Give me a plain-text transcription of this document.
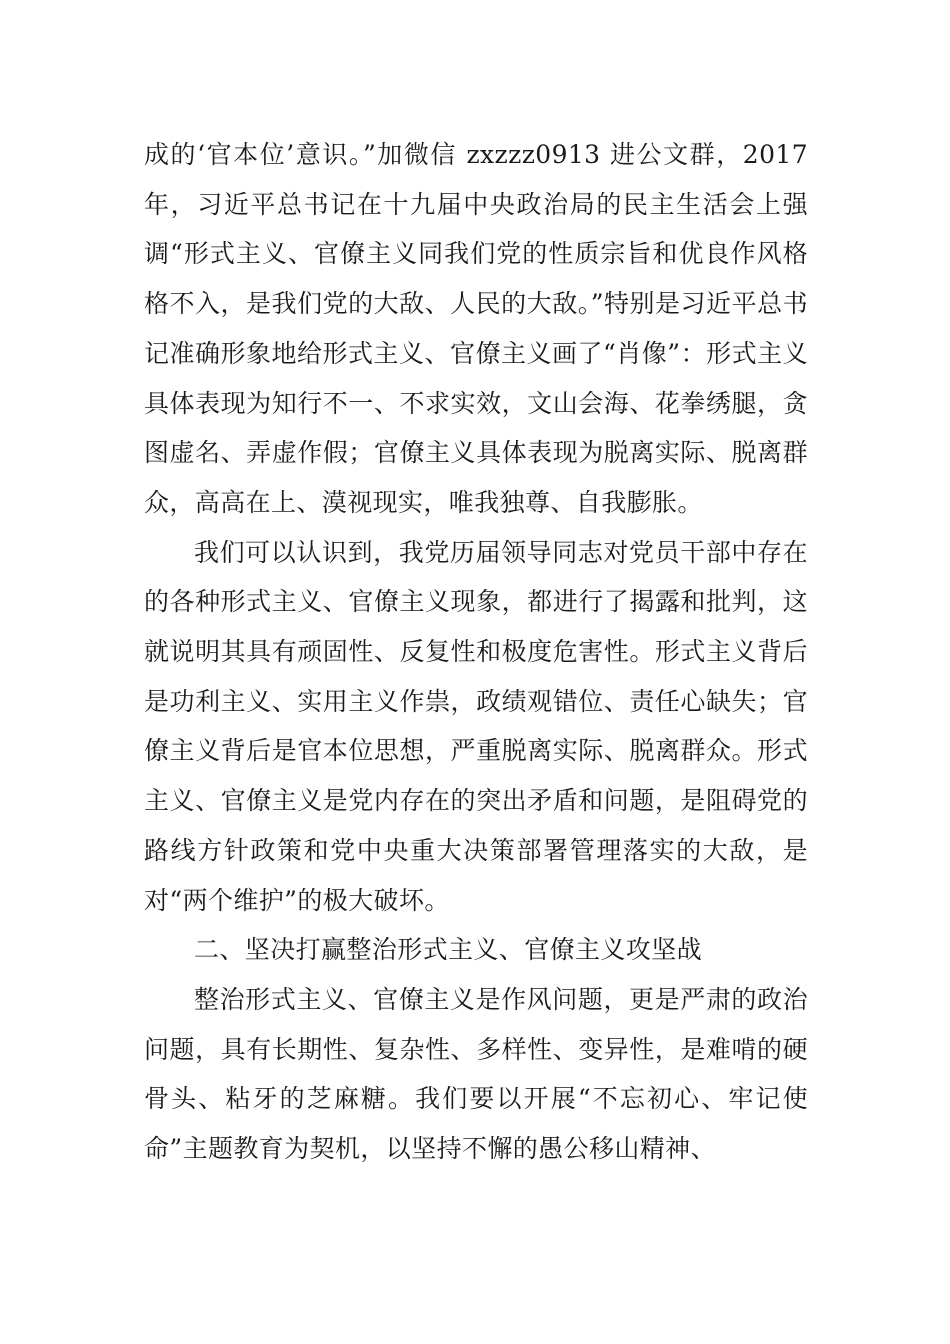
成的‘官本位’意识。”加微信 zxzzz0913 进公文群，2017年，习近平总书记在十九届中央政治局的民主生活会上强调“形式主义、官僚主义同我们党的性质宗旨和优良作风格格不入，是我们党的大敌、人民的大敌。”特别是习近平总书记准确形象地给形式主义、官僚主义画了“肖像”：形式主义具体表现为知行不一、不求实效，文山会海、花拳绣腿，贪图虚名、弄虚作假；官僚主义具体表现为脱离实际、脱离群众，高高在上、漠视现实，唯我独尊、自我膨胀。

我们可以认识到，我党历届领导同志对党员干部中存在的各种形式主义、官僚主义现象，都进行了揭露和批判，这就说明其具有顽固性、反复性和极度危害性。形式主义背后是功利主义、实用主义作祟，政绩观错位、责任心缺失；官僚主义背后是官本位思想，严重脱离实际、脱离群众。形式主义、官僚主义是党内存在的突出矛盾和问题，是阻碍党的路线方针政策和党中央重大决策部署管理落实的大敌，是对“两个维护”的极大破坏。

二、坚决打赢整治形式主义、官僚主义攻坚战

整治形式主义、官僚主义是作风问题，更是严肃的政治问题，具有长期性、复杂性、多样性、变异性，是难啃的硬骨头、粘牙的芝麻糖。我们要以开展“不忘初心、牢记使命”主题教育为契机，以坚持不懈的愚公移山精神、
